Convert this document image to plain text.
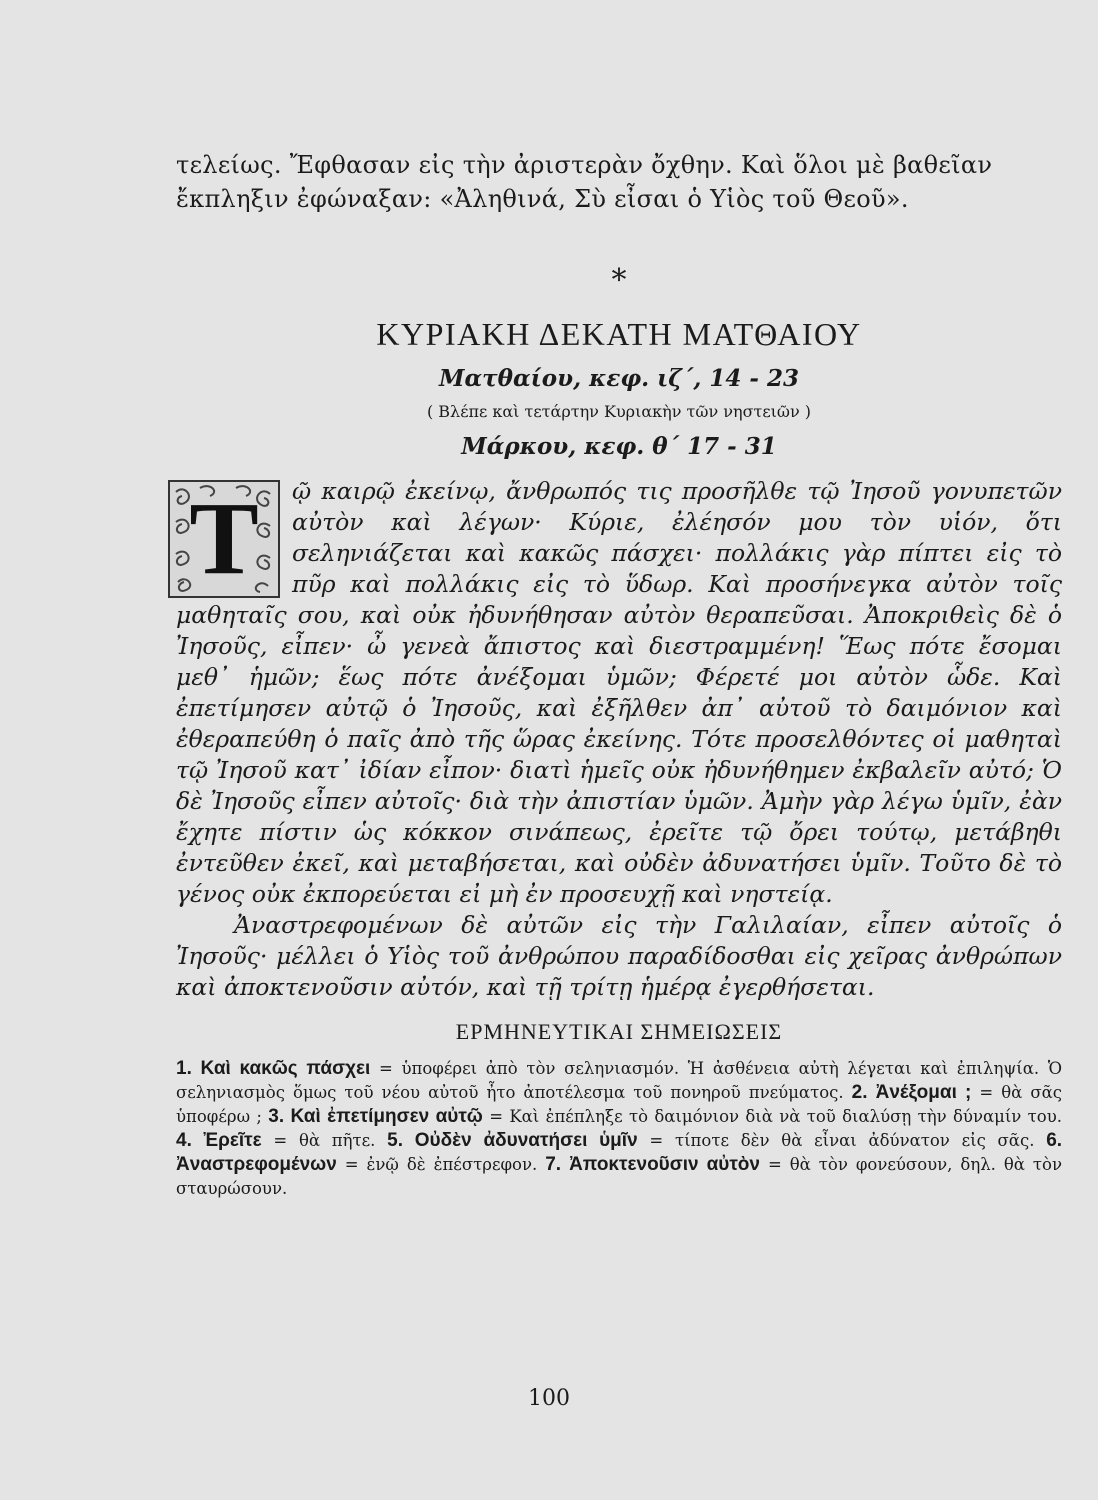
τελείως. Ἔφθασαν εἰς τὴν ἀριστερὰν ὄχθην. Καὶ ὅλοι μὲ βαθεῖαν ἔκπληξιν ἐφώναξαν: «Ἀληθινά, Σὺ εἶσαι ὁ Υἱὸς τοῦ Θεοῦ».

*
ΚΥΡΙΑΚΗ ΔΕΚΑΤΗ ΜΑΤΘΑΙΟΥ
Ματθαίου, κεφ. ιζ΄, 14 - 23
( Βλέπε καὶ τετάρτην Κυριακὴν τῶν νηστειῶν )
Μάρκου, κεφ. θ΄ 17 - 31
Τ	ῷ καιρῷ ἐκείνῳ, ἄνθρωπός τις προσῆλθε τῷ Ἰησοῦ γονυπετῶν αὐτὸν καὶ λέγων· Κύριε, ἐλέησόν μου τὸν υἱόν, ὅτι σεληνιάζεται καὶ κακῶς πάσχει· πολλάκις γὰρ πίπτει εἰς τὸ πῦρ καὶ πολλάκις εἰς τὸ ὕδωρ. Καὶ προσήνεγκα αὐτὸν τοῖς μαθηταῖς σου, καὶ οὐκ ἠδυνήθησαν αὐτὸν θεραπεῦσαι. Ἀποκριθεὶς δὲ ὁ Ἰησοῦς, εἶπεν· ὦ γενεὰ ἄπιστος καὶ διεστραμμένη! Ἕως πότε ἔσομαι μεθ᾽ ἡμῶν; ἕως πότε ἀνέξομαι ὑμῶν; Φέρετέ μοι αὐτὸν ὧδε. Καὶ ἐπετίμησεν αὐτῷ ὁ Ἰησοῦς, καὶ ἐξῆλθεν ἀπ᾽ αὐτοῦ τὸ δαιμόνιον καὶ ἐθεραπεύθη ὁ παῖς ἀπὸ τῆς ὥρας ἐκείνης. Τότε προσελθόντες οἱ μαθηταὶ τῷ Ἰησοῦ κατ᾽ ἰδίαν εἶπον· διατὶ ἡμεῖς οὐκ ἠδυνήθημεν ἐκβαλεῖν αὐτό; Ὁ δὲ Ἰησοῦς εἶπεν αὐτοῖς· διὰ τὴν ἀπιστίαν ὑμῶν. Ἀμὴν γὰρ λέγω ὑμῖν, ἐὰν ἔχητε πίστιν ὡς κόκκον σινάπεως, ἐρεῖτε τῷ ὄρει τούτῳ, μετάβηθι ἐντεῦθεν ἐκεῖ, καὶ μεταβήσεται, καὶ οὐδὲν ἀδυνατήσει ὑμῖν. Τοῦτο δὲ τὸ γένος οὐκ ἐκπορεύεται εἰ μὴ ἐν προσευχῇ καὶ νηστείᾳ.

Ἀναστρεφομένων δὲ αὐτῶν εἰς τὴν Γαλιλαίαν, εἶπεν αὐτοῖς ὁ Ἰησοῦς· μέλλει ὁ Υἱὸς τοῦ ἀνθρώπου παραδίδοσθαι εἰς χεῖρας ἀνθρώπων καὶ ἀποκτενοῦσιν αὐτόν, καὶ τῇ τρίτῃ ἡμέρᾳ ἐγερθήσεται.

ΕΡΜΗΝΕΥΤΙΚΑΙ ΣΗΜΕΙΩΣΕΙΣ
1. Καὶ κακῶς πάσχει = ὑποφέρει ἀπὸ τὸν σεληνιασμόν. Ἡ ἀσθένεια αὐτὴ λέγεται καὶ ἐπιληψία. Ὁ σεληνιασμὸς ὅμως τοῦ νέου αὐτοῦ ἦτο ἀποτέλεσμα τοῦ πονηροῦ πνεύματος. 2. Ἀνέξομαι ; = θὰ σᾶς ὑποφέρω ; 3. Καὶ ἐπετίμησεν αὐτῷ = Καὶ ἐπέπληξε τὸ δαιμόνιον διὰ νὰ τοῦ διαλύσῃ τὴν δύναμίν του. 4. Ἐρεῖτε = θὰ πῆτε. 5. Οὐδὲν ἀδυνατήσει ὑμῖν = τίποτε δὲν θὰ εἶναι ἀδύνατον εἰς σᾶς. 6. Ἀναστρεφομένων = ἐνῷ δὲ ἐπέστρεφον. 7. Ἀποκτενοῦσιν αὐτὸν = θὰ τὸν φονεύσουν, δηλ. θὰ τὸν σταυρώσουν.
100
